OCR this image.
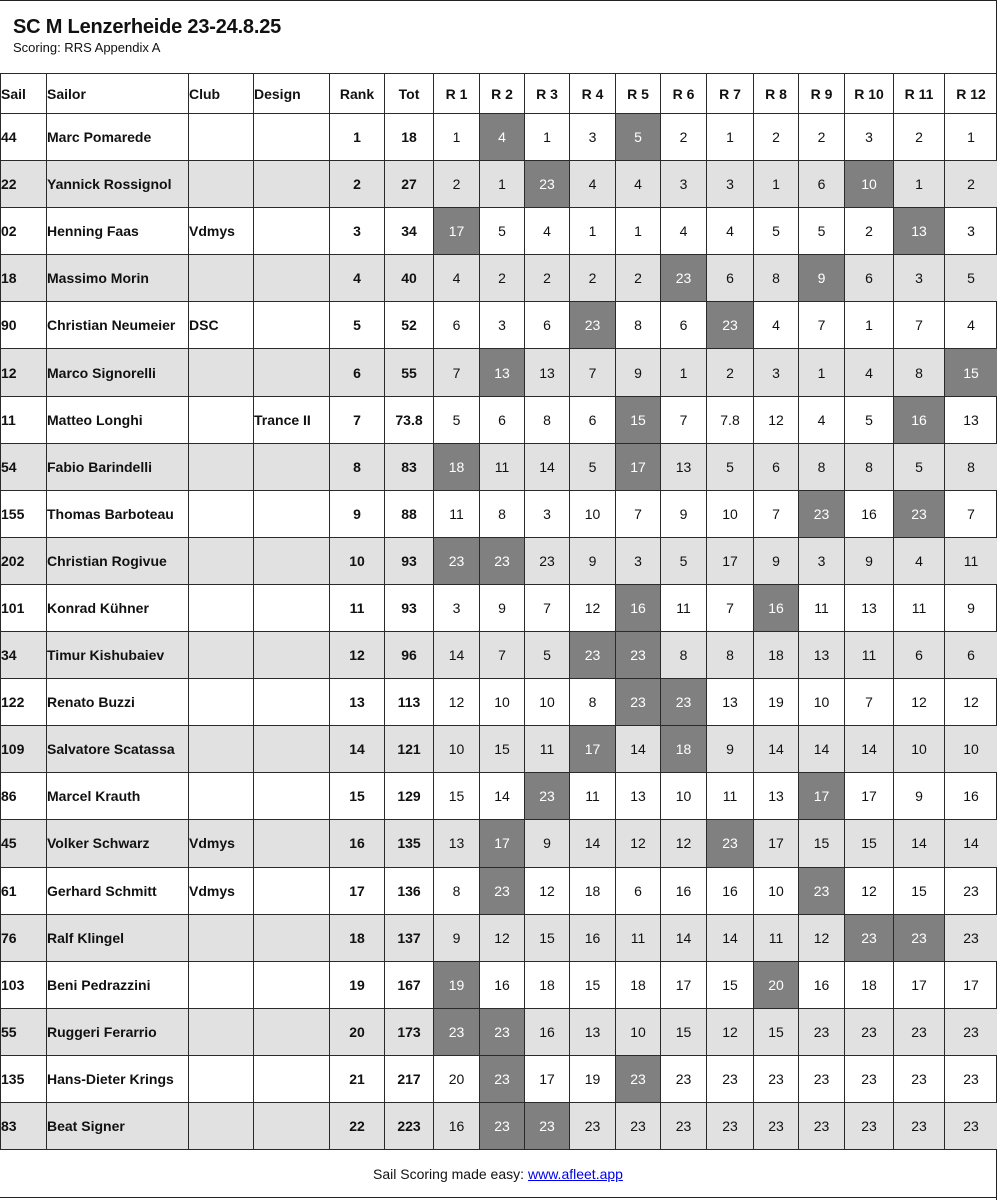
SC M Lenzerheide 23-24.8.25
Scoring: RRS Appendix A
Sail	Sailor	Club	Design	Rank	Tot	R 1	R 2	R 3	R 4	R 5	R 6	R 7	R 8	R 9	R 10	R 11	R 12
44	Marc Pomarede			1	18	1	4	1	3	5	2	1	2	2	3	2	1
22	Yannick Rossignol			2	27	2	1	23	4	4	3	3	1	6	10	1	2
02	Henning Faas	Vdmys		3	34	17	5	4	1	1	4	4	5	5	2	13	3
18	Massimo Morin			4	40	4	2	2	2	2	23	6	8	9	6	3	5
90	Christian Neumeier	DSC		5	52	6	3	6	23	8	6	23	4	7	1	7	4
12	Marco Signorelli			6	55	7	13	13	7	9	1	2	3	1	4	8	15
11	Matteo Longhi		Trance II	7	73.8	5	6	8	6	15	7	7.8	12	4	5	16	13
54	Fabio Barindelli			8	83	18	11	14	5	17	13	5	6	8	8	5	8
155	Thomas Barboteau			9	88	11	8	3	10	7	9	10	7	23	16	23	7
202	Christian Rogivue			10	93	23	23	23	9	3	5	17	9	3	9	4	11
101	Konrad Kühner			11	93	3	9	7	12	16	11	7	16	11	13	11	9
34	Timur Kishubaiev			12	96	14	7	5	23	23	8	8	18	13	11	6	6
122	Renato Buzzi			13	113	12	10	10	8	23	23	13	19	10	7	12	12
109	Salvatore Scatassa			14	121	10	15	11	17	14	18	9	14	14	14	10	10
86	Marcel Krauth			15	129	15	14	23	11	13	10	11	13	17	17	9	16
45	Volker Schwarz	Vdmys		16	135	13	17	9	14	12	12	23	17	15	15	14	14
61	Gerhard Schmitt	Vdmys		17	136	8	23	12	18	6	16	16	10	23	12	15	23
76	Ralf Klingel			18	137	9	12	15	16	11	14	14	11	12	23	23	23
103	Beni Pedrazzini			19	167	19	16	18	15	18	17	15	20	16	18	17	17
55	Ruggeri Ferarrio			20	173	23	23	16	13	10	15	12	15	23	23	23	23
135	Hans-Dieter Krings			21	217	20	23	17	19	23	23	23	23	23	23	23	23
83	Beat Signer			22	223	16	23	23	23	23	23	23	23	23	23	23	23
Sail Scoring made easy: www.afleet.app
